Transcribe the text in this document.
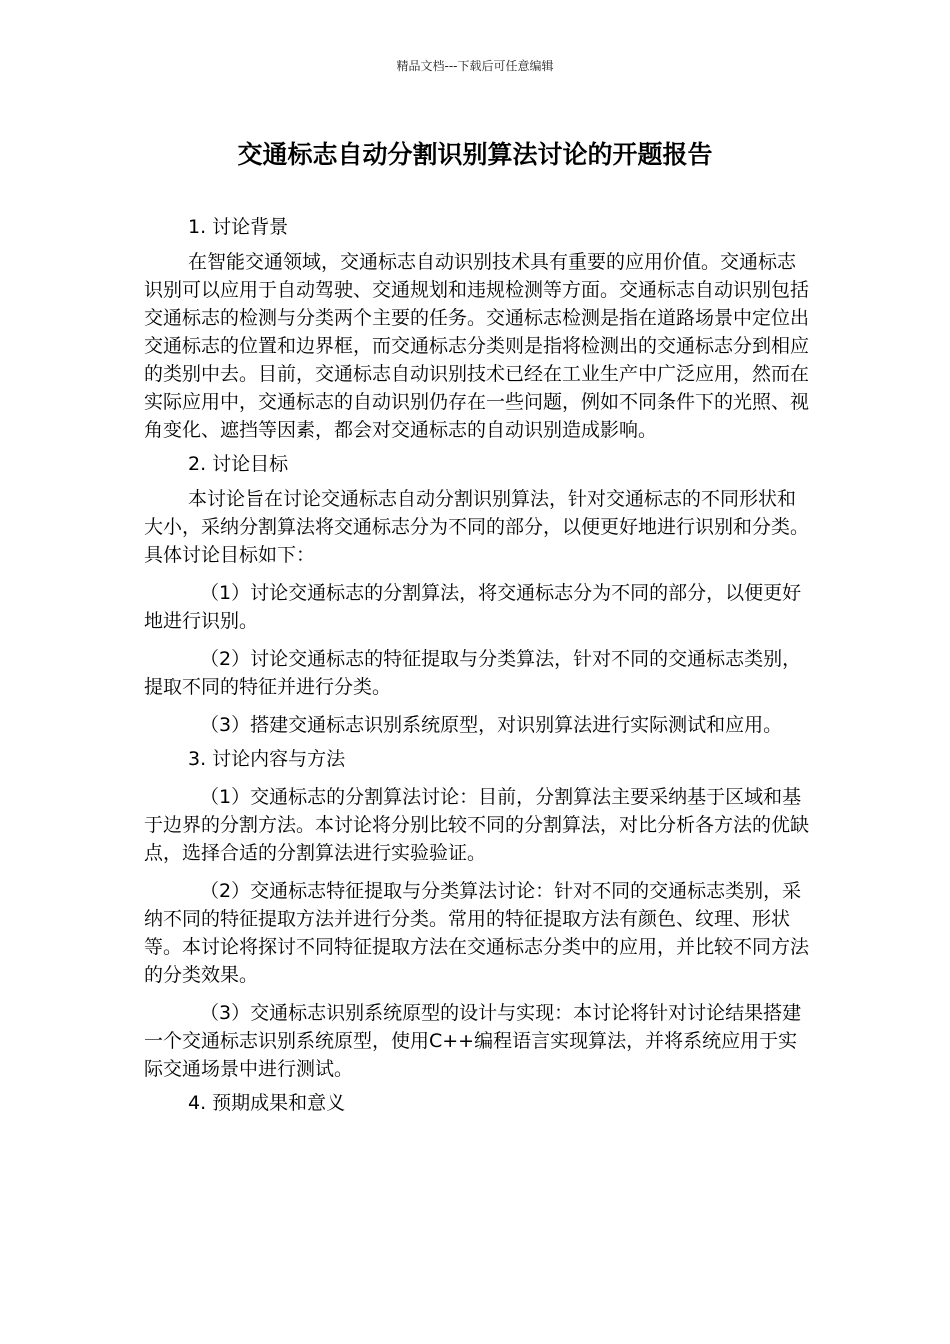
精品文档---下载后可任意编辑
交通标志自动分割识别算法讨论的开题报告

1. 讨论背景

在智能交通领域，交通标志自动识别技术具有重要的应用价值。交通标志识别可以应用于自动驾驶、交通规划和违规检测等方面。交通标志自动识别包括交通标志的检测与分类两个主要的任务。交通标志检测是指在道路场景中定位出交通标志的位置和边界框，而交通标志分类则是指将检测出的交通标志分到相应的类别中去。目前，交通标志自动识别技术已经在工业生产中广泛应用，然而在实际应用中，交通标志的自动识别仍存在一些问题，例如不同条件下的光照、视角变化、遮挡等因素，都会对交通标志的自动识别造成影响。

2. 讨论目标

本讨论旨在讨论交通标志自动分割识别算法，针对交通标志的不同形状和大小，采纳分割算法将交通标志分为不同的部分，以便更好地进行识别和分类。具体讨论目标如下：

（1）讨论交通标志的分割算法，将交通标志分为不同的部分，以便更好地进行识别。

（2）讨论交通标志的特征提取与分类算法，针对不同的交通标志类别，提取不同的特征并进行分类。

（3）搭建交通标志识别系统原型，对识别算法进行实际测试和应用。

3. 讨论内容与方法

（1）交通标志的分割算法讨论：目前，分割算法主要采纳基于区域和基于边界的分割方法。本讨论将分别比较不同的分割算法，对比分析各方法的优缺点，选择合适的分割算法进行实验验证。

（2）交通标志特征提取与分类算法讨论：针对不同的交通标志类别，采纳不同的特征提取方法并进行分类。常用的特征提取方法有颜色、纹理、形状等。本讨论将探讨不同特征提取方法在交通标志分类中的应用，并比较不同方法的分类效果。

（3）交通标志识别系统原型的设计与实现：本讨论将针对讨论结果搭建一个交通标志识别系统原型，使用C++编程语言实现算法，并将系统应用于实际交通场景中进行测试。

4. 预期成果和意义
